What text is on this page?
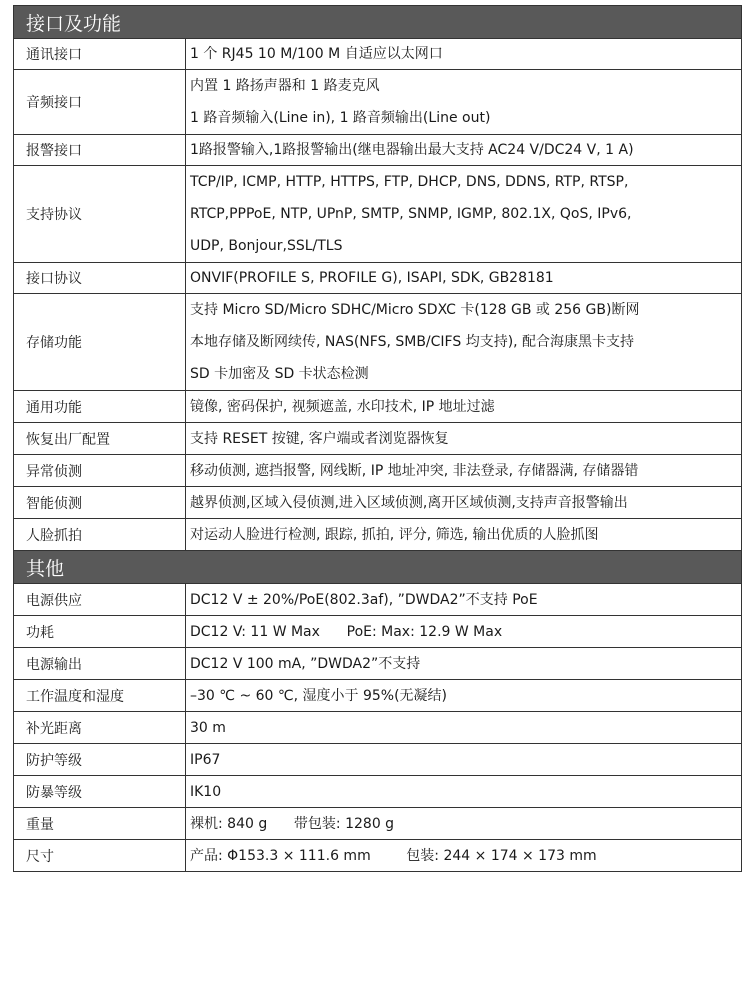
接口及功能	
通讯接口	1 个 RJ45 10 M/100 M 自适应以太网口

音频接口	内置 1 路扬声器和 1 路麦克风
1 路音频输入(Line in), 1 路音频输出(Line out)

报警接口	1路报警输入,1路报警输出(继电器输出最大支持 AC24 V/DC24 V, 1 A)

支持协议	TCP/IP, ICMP, HTTP, HTTPS, FTP, DHCP, DNS, DDNS, RTP, RTSP,
RTCP,PPPoE, NTP, UPnP, SMTP, SNMP, IGMP, 802.1X, QoS, IPv6,
UDP, Bonjour,SSL/TLS

接口协议	ONVIF(PROFILE S, PROFILE G), ISAPI, SDK, GB28181

存储功能	支持 Micro SD/Micro SDHC/Micro SDXC 卡(128 GB 或 256 GB)断网
本地存储及断网续传, NAS(NFS, SMB/CIFS 均支持), 配合海康黑卡支持
SD 卡加密及 SD 卡状态检测

通用功能	镜像, 密码保护, 视频遮盖, 水印技术, IP 地址过滤

恢复出厂配置	支持 RESET 按键, 客户端或者浏览器恢复

异常侦测	移动侦测, 遮挡报警, 网线断, IP 地址冲突, 非法登录, 存储器满, 存储器错

智能侦测	越界侦测,区域入侵侦测,进入区域侦测,离开区域侦测,支持声音报警输出

人脸抓拍	对运动人脸进行检测, 跟踪, 抓拍, 评分, 筛选, 输出优质的人脸抓图

其他	
电源供应	DC12 V ± 20%/PoE(802.3af), ”DWDA2”不支持 PoE

功耗	DC12 V: 11 W Max      PoE: Max: 12.9 W Max

电源输出	DC12 V 100 mA, ”DWDA2”不支持

工作温度和湿度	–30 ℃ ~ 60 ℃, 湿度小于 95%(无凝结)

补光距离	30 m

防护等级	IP67

防暴等级	IK10

重量	裸机: 840 g      带包装: 1280 g

尺寸	产品: Φ153.3 × 111.6 mm        包装: 244 × 174 × 173 mm
